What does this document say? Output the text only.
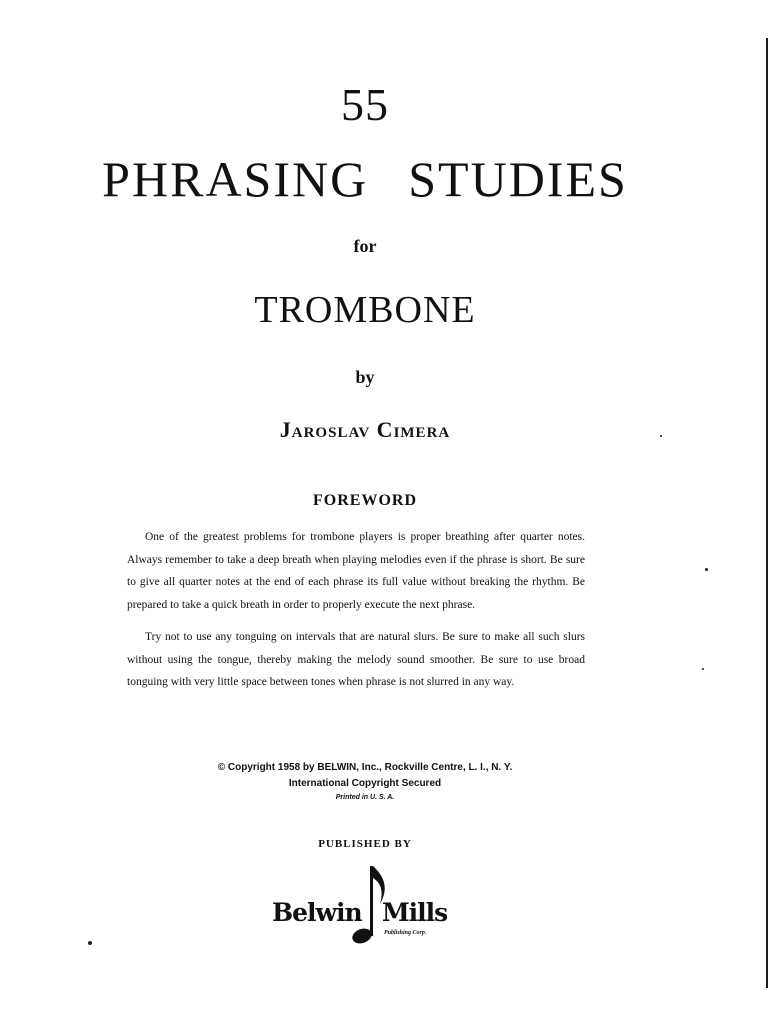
55
PHRASING STUDIES
for
TROMBONE
by
Jaroslav Cimera
FOREWORD

One of the greatest problems for trombone players is proper breathing after quarter notes. Always remember to take a deep breath when playing melodies even if the phrase is short. Be sure to give all quarter notes at the end of each phrase its full value without breaking the rhythm. Be prepared to take a quick breath in order to properly execute the next phrase.

Try not to use any tonguing on intervals that are natural slurs. Be sure to make all such slurs without using the tongue, thereby making the melody sound smoother. Be sure to use broad tonguing with very little space between tones when phrase is not slurred in any way.

© Copyright 1958 by BELWIN, Inc., Rockville Centre, L. I., N. Y.
International Copyright Secured
Printed in U. S. A.
PUBLISHED BY
Belwin Mills
Publishing Corp.
